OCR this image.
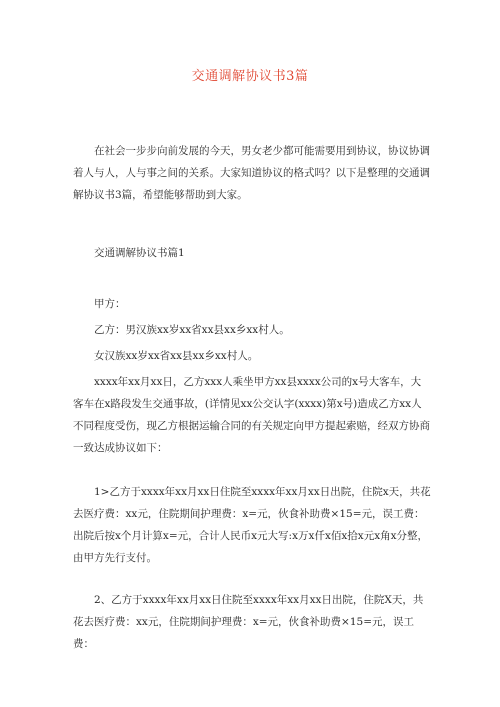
交通调解协议书3篇

在社会一步步向前发展的今天，男女老少都可能需要用到协议，协议协调着人与人，人与事之间的关系。大家知道协议的格式吗？以下是整理的交通调解协议书3篇，希望能够帮助到大家。

交通调解协议书篇1

甲方：

乙方：男汉族xx岁xx省xx县xx乡xx村人。

女汉族xx岁xx省xx县xx乡xx村人。

xxxx年xx月xx日，乙方xxx人乘坐甲方xx县xxxx公司的x号大客车，大客车在x路段发生交通事故，(详情见xx公交认字(xxxx)第x号)造成乙方xx人不同程度受伤，现乙方根据运输合同的有关规定向甲方提起索赔，经双方协商一致达成协议如下：

1>乙方于xxxx年xx月xx日住院至xxxx年xx月xx日出院，住院x天，共花去医疗费：xx元，住院期间护理费：x=元，伙食补助费×15=元，误工费：出院后按x个月计算x=元，合计人民币x元大写:x万x仟x佰x拾x元x角x分整，由甲方先行支付。

2、乙方于xxxx年xx月xx日住院至xxxx年xx月xx日出院，住院X天，共花去医疗费：xx元，住院期间护理费：x=元，伙食补助费×15=元，误工费：
